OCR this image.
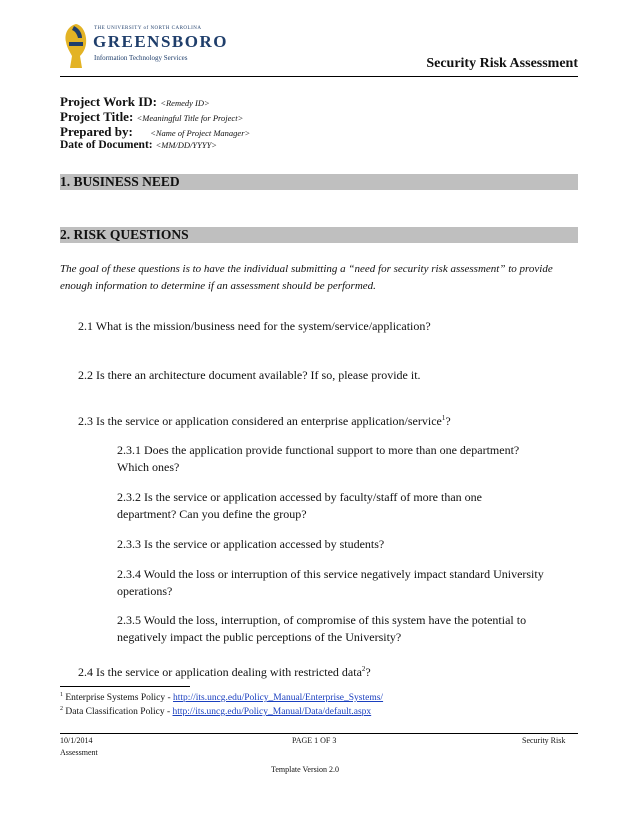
THE UNIVERSITY of NORTH CAROLINA
GREENSBORO
Information Technology Services	Security Risk Assessment
Project Work ID: <Remedy ID>
Project Title: <Meaningful Title for Project>
Prepared by: <Name of Project Manager>
Date of Document: <MM/DD/YYYY>
1. BUSINESS NEED
2. RISK QUESTIONS
The goal of these questions is to have the individual submitting a “need for security risk assessment” to provide enough information to determine if an assessment should be performed.
2.1 What is the mission/business need for the system/service/application?
2.2 Is there an architecture document available? If so, please provide it.
2.3 Is the service or application considered an enterprise application/service$^1$?
2.3.1 Does the application provide functional support to more than one department? Which ones?
2.3.2 Is the service or application accessed by faculty/staff of more than one department? Can you define the group?
2.3.3 Is the service or application accessed by students?
2.3.4 Would the loss or interruption of this service negatively impact standard University operations?
2.3.5 Would the loss, interruption, of compromise of this system have the potential to negatively impact the public perceptions of the University?
2.4 Is the service or application dealing with restricted data$^2$?
$^1$ Enterprise Systems Policy - http://its.uncg.edu/Policy_Manual/Enterprise_Systems/
$^2$ Data Classification Policy - http://its.uncg.edu/Policy_Manual/Data/default.aspx
10/1/2014	PAGE 1 OF 3	Security Risk
Assessment
Template Version 2.0
